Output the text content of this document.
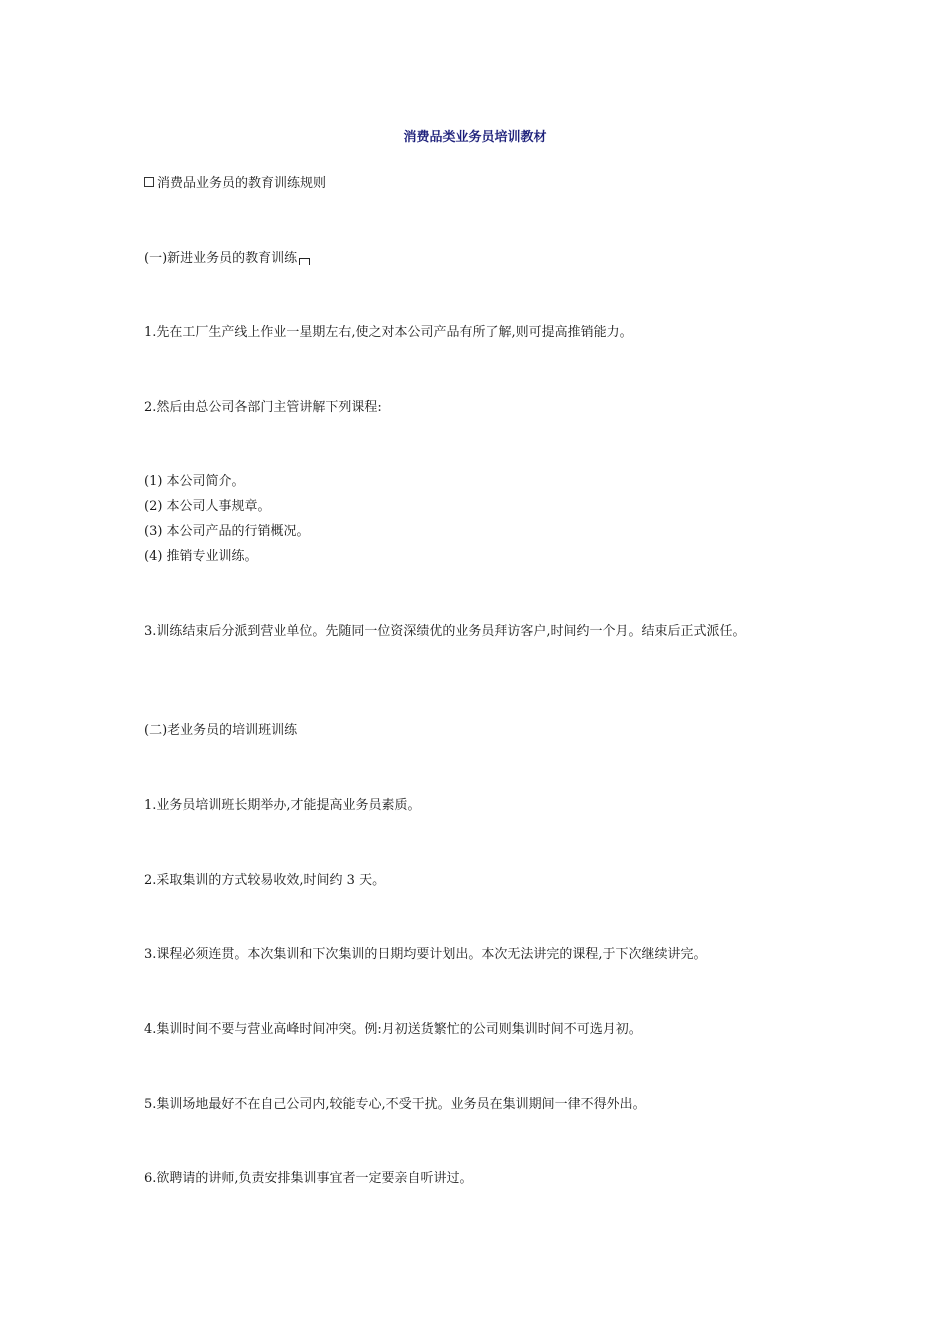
消费品类业务员培训教材
消费品业务员的教育训练规则
(一)新进业务员的教育训练
1.先在工厂生产线上作业一星期左右,使之对本公司产品有所了解,则可提高推销能力。
2.然后由总公司各部门主管讲解下列课程:
(1) 本公司简介。
(2) 本公司人事规章。
(3) 本公司产品的行销概况。
(4) 推销专业训练。
3.训练结束后分派到营业单位。先随同一位资深绩优的业务员拜访客户,时间约一个月。结束后正式派任。
(二)老业务员的培训班训练
1.业务员培训班长期举办,才能提高业务员素质。
2.采取集训的方式较易收效,时间约 3 天。
3.课程必须连贯。本次集训和下次集训的日期均要计划出。本次无法讲完的课程,于下次继续讲完。
4.集训时间不要与营业高峰时间冲突。例:月初送货繁忙的公司则集训时间不可选月初。
5.集训场地最好不在自己公司内,较能专心,不受干扰。业务员在集训期间一律不得外出。
6.欲聘请的讲师,负责安排集训事宜者一定要亲自听讲过。
